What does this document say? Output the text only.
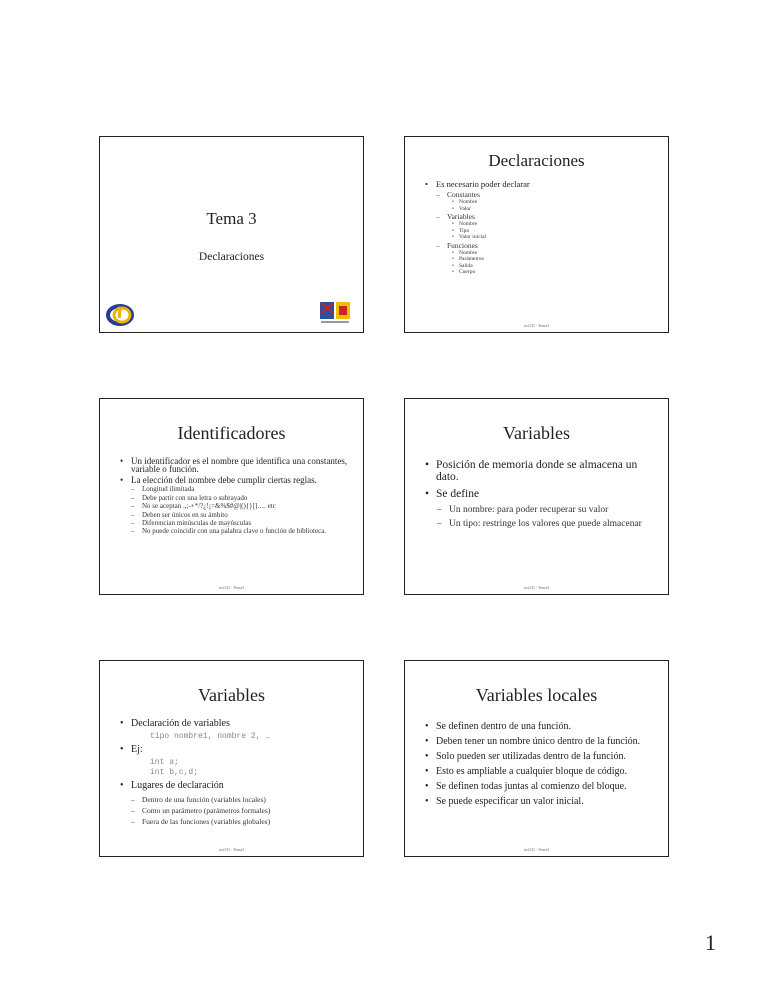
Tema 3
Declaraciones
Declaraciones
• Es necesario poder declarar
– Constantes
• Nombre
• Valor
– Variables
• Nombre
• Tipo
• Valor inicial
– Funciones
• Nombre
• Parámetros
• Salida
• Cuerpo
iwi131 - Tema3
Identificadores
• Un identificador es el nombre que identifica una constantes, variable o función.
• La elección del nombre debe cumplir ciertas reglas.
– Longitud ilimitada
– Debe partir con una letra o subrayado
– No se aceptan .,;-+*/?¿!¡=&%$#@|(){}[]…. etc
– Deben ser únicos en su ámbito
– Diferencian minúsculas de mayúsculas
– No puede coincidir con una palabra clave o función de biblioteca.
iwi131 - Tema3
Variables
• Posición de memoria donde se almacena un dato.
• Se define
– Un nombre: para poder recuperar su valor
– Un tipo: restringe los valores que puede almacenar
iwi131 - Tema3
Variables
• Declaración de variables
tipo nombre1, nombre 2, …
• Ej:
int a;
int b,c,d;
• Lugares de declaración
– Dentro de una función (variables locales)
– Como un parámetro (parámetros formales)
– Fuera de las funciones (variables globales)
iwi131 - Tema3
Variables locales
• Se definen dentro de una función.
• Deben tener un nombre único dentro de la función.
• Solo pueden ser utilizadas dentro de la función.
• Esto es ampliable a cualquier bloque de código.
• Se definen todas juntas al comienzo del bloque.
• Se puede especificar un valor inicial.
iwi131 - Tema3
1
